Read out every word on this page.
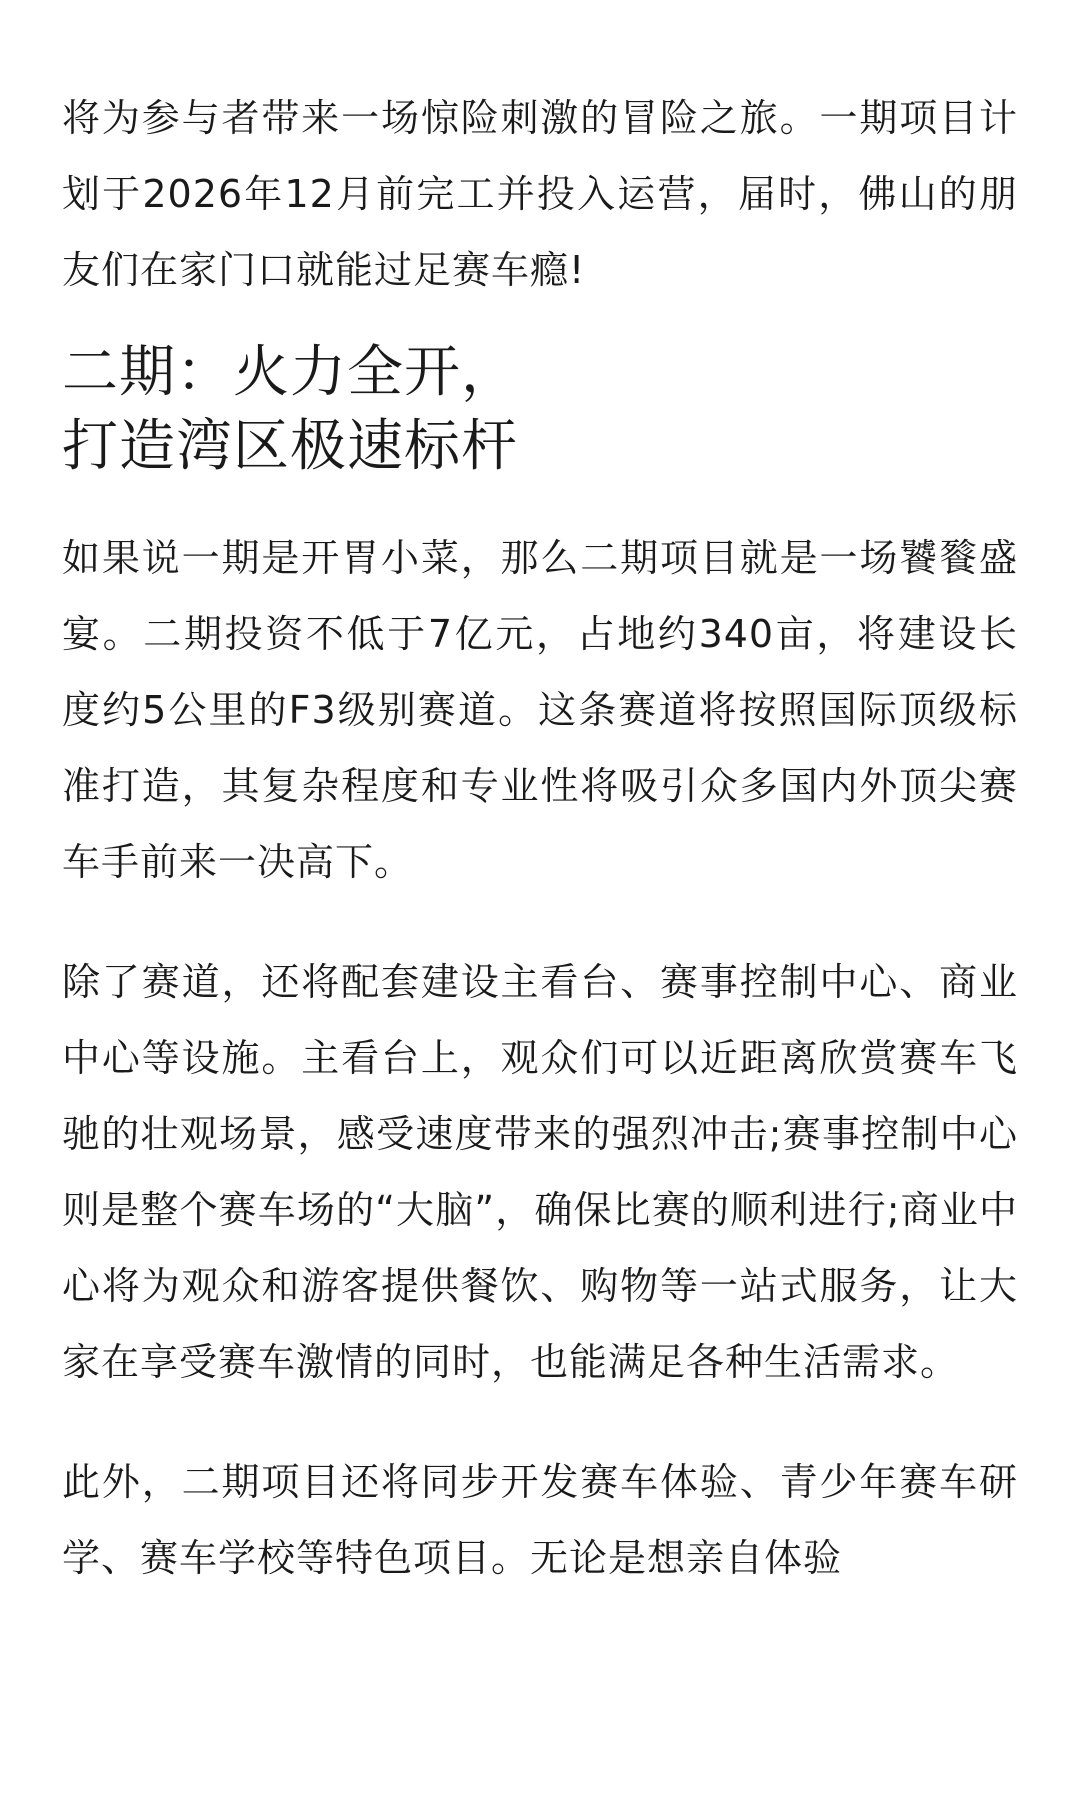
将为参与者带来一场惊险刺激的冒险之旅。一期项目计划于2026年12月前完工并投入运营，届时，佛山的朋友们在家门口就能过足赛车瘾!

二期：火力全开，
打造湾区极速标杆

如果说一期是开胃小菜，那么二期项目就是一场饕餮盛宴。二期投资不低于7亿元，占地约340亩，将建设长度约5公里的F3级别赛道。这条赛道将按照国际顶级标准打造，其复杂程度和专业性将吸引众多国内外顶尖赛车手前来一决高下。

除了赛道，还将配套建设主看台、赛事控制中心、商业中心等设施。主看台上，观众们可以近距离欣赏赛车飞驰的壮观场景，感受速度带来的强烈冲击;赛事控制中心则是整个赛车场的“大脑”，确保比赛的顺利进行;商业中心将为观众和游客提供餐饮、购物等一站式服务，让大家在享受赛车激情的同时，也能满足各种生活需求。

此外，二期项目还将同步开发赛车体验、青少年赛车研学、赛车学校等特色项目。无论是想亲自体验
